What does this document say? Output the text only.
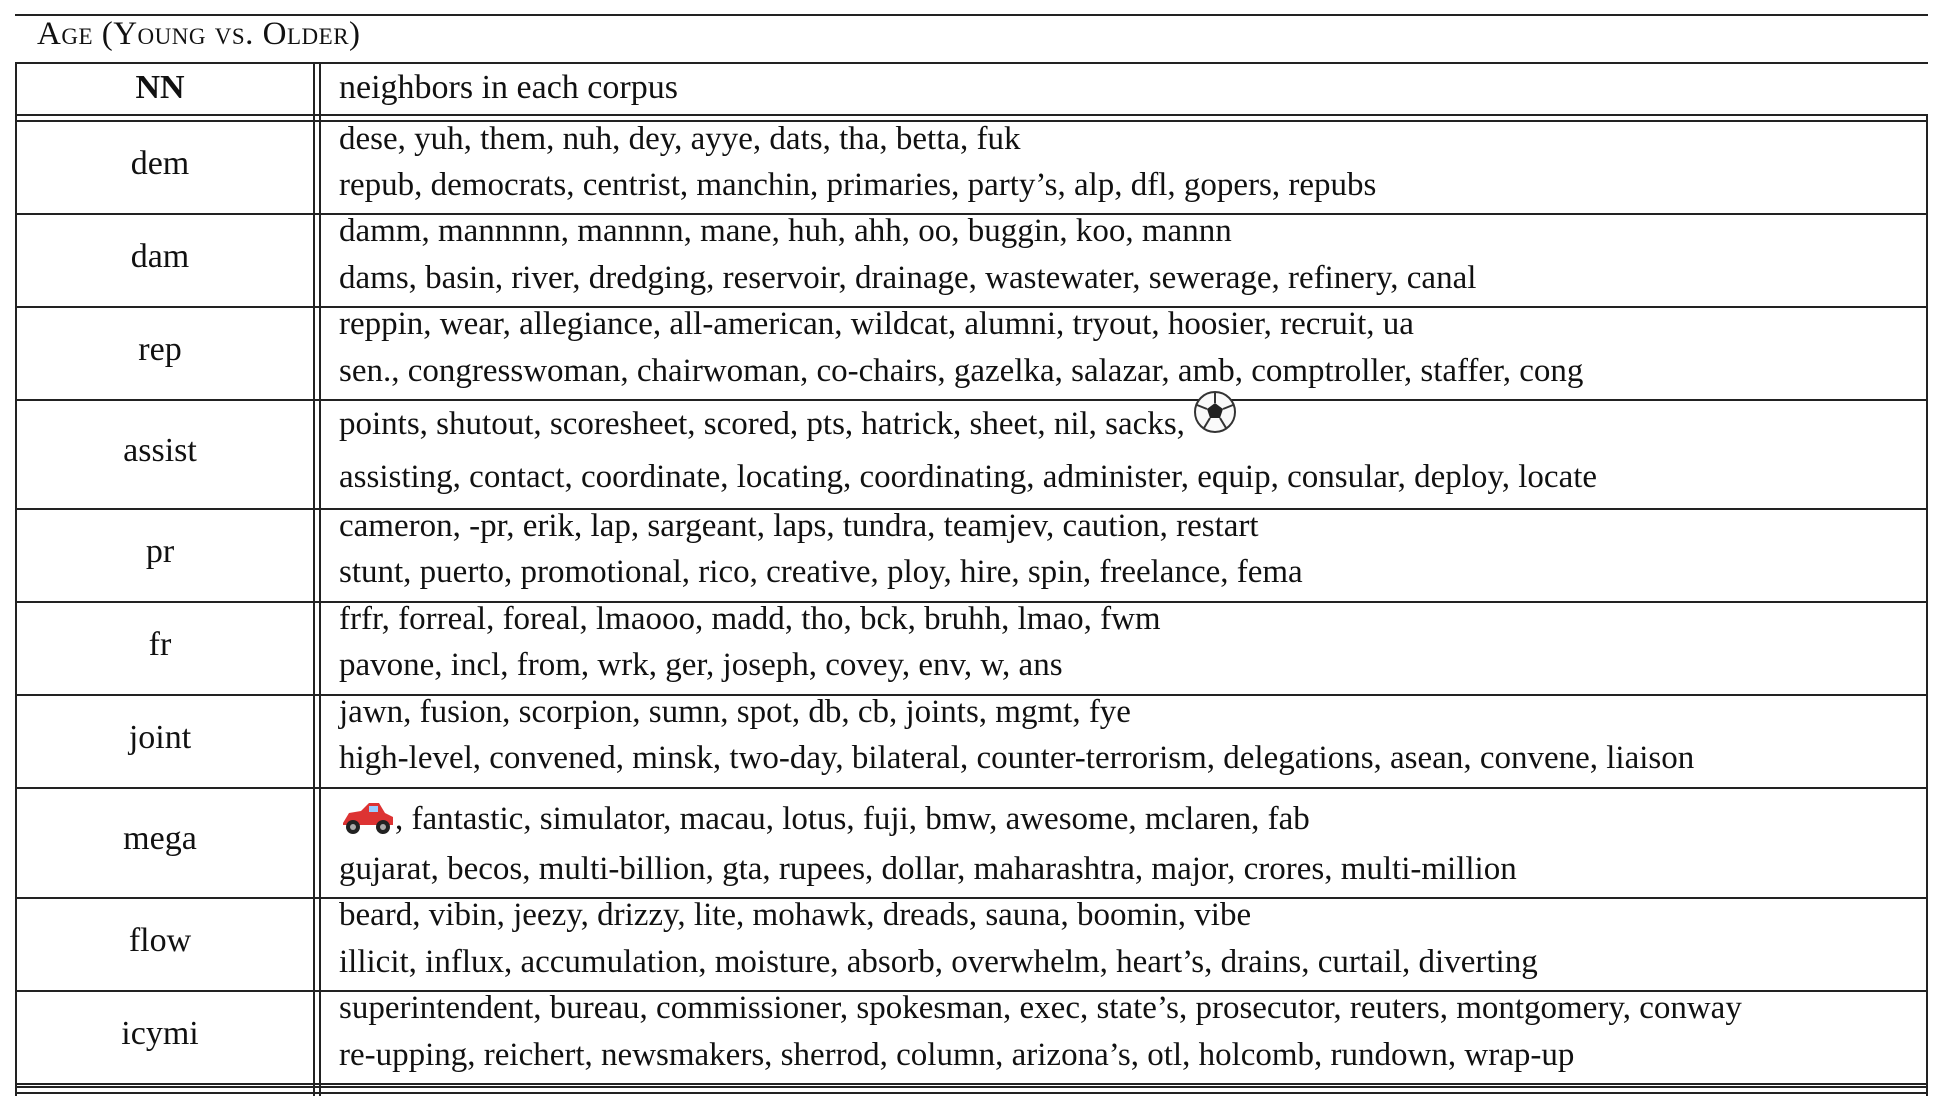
Age (Young vs. Older)
NN	neighbors in each corpus
dem
dese, yuh, them, nuh, dey, ayye, dats, tha, betta, fuk
repub, democrats, centrist, manchin, primaries, party’s, alp, dfl, gopers, repubs
dam
damm, mannnnn, mannnn, mane, huh, ahh, oo, buggin, koo, mannn
dams, basin, river, dredging, reservoir, drainage, wastewater, sewerage, refinery, canal
rep
reppin, wear, allegiance, all-american, wildcat, alumni, tryout, hoosier, recruit, ua
sen., congresswoman, chairwoman, co-chairs, gazelka, salazar, amb, comptroller, staffer, cong
assist
points, shutout, scoresheet, scored, pts, hatrick, sheet, nil, sacks,
assisting, contact, coordinate, locating, coordinating, administer, equip, consular, deploy, locate
pr
cameron, -pr, erik, lap, sargeant, laps, tundra, teamjev, caution, restart
stunt, puerto, promotional, rico, creative, ploy, hire, spin, freelance, fema
fr
frfr, forreal, foreal, lmaooo, madd, tho, bck, bruhh, lmao, fwm
pavone, incl, from, wrk, ger, joseph, covey, env, w, ans
joint
jawn, fusion, scorpion, sumn, spot, db, cb, joints, mgmt, fye
high-level, convened, minsk, two-day, bilateral, counter-terrorism, delegations, asean, convene, liaison
mega
, fantastic, simulator, macau, lotus, fuji, bmw, awesome, mclaren, fab
gujarat, becos, multi-billion, gta, rupees, dollar, maharashtra, major, crores, multi-million
flow
beard, vibin, jeezy, drizzy, lite, mohawk, dreads, sauna, boomin, vibe
illicit, influx, accumulation, moisture, absorb, overwhelm, heart’s, drains, curtail, diverting
icymi
superintendent, bureau, commissioner, spokesman, exec, state’s, prosecutor, reuters, montgomery, conway
re-upping, reichert, newsmakers, sherrod, column, arizona’s, otl, holcomb, rundown, wrap-up
